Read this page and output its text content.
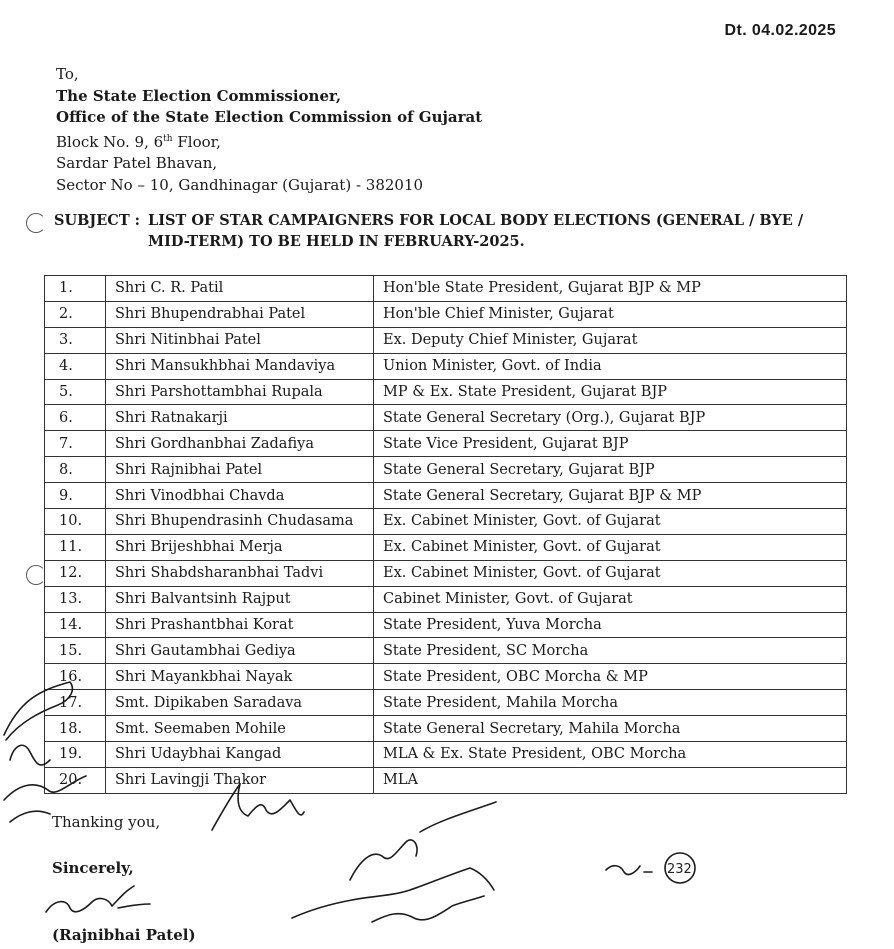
Dt. 04.02.2025
To,
The State Election Commissioner,
Office of the State Election Commission of Gujarat
Block No. 9, 6th Floor,
Sardar Patel Bhavan,
Sector No – 10, Gandhinagar (Gujarat) - 382010
SUBJECT : LIST OF STAR CAMPAIGNERS FOR LOCAL BODY ELECTIONS (GENERAL / BYE / MID-TERM) TO BE HELD IN FEBRUARY-2025.
1.	Shri C. R. Patil	Hon'ble State President, Gujarat BJP & MP
2.	Shri Bhupendrabhai Patel	Hon'ble Chief Minister, Gujarat
3.	Shri Nitinbhai Patel	Ex. Deputy Chief Minister, Gujarat
4.	Shri Mansukhbhai Mandaviya	Union Minister, Govt. of India
5.	Shri Parshottambhai Rupala	MP & Ex. State President, Gujarat BJP
6.	Shri Ratnakarji	State General Secretary (Org.), Gujarat BJP
7.	Shri Gordhanbhai Zadafiya	State Vice President, Gujarat BJP
8.	Shri Rajnibhai Patel	State General Secretary, Gujarat BJP
9.	Shri Vinodbhai Chavda	State General Secretary, Gujarat BJP & MP
10.	Shri Bhupendrasinh Chudasama	Ex. Cabinet Minister, Govt. of Gujarat
11.	Shri Brijeshbhai Merja	Ex. Cabinet Minister, Govt. of Gujarat
12.	Shri Shabdsharanbhai Tadvi	Ex. Cabinet Minister, Govt. of Gujarat
13.	Shri Balvantsinh Rajput	Cabinet Minister, Govt. of Gujarat
14.	Shri Prashantbhai Korat	State President, Yuva Morcha
15.	Shri Gautambhai Gediya	State President, SC Morcha
16.	Shri Mayankbhai Nayak	State President, OBC Morcha & MP
17.	Smt. Dipikaben Saradava	State President, Mahila Morcha
18.	Smt. Seemaben Mohile	State General Secretary, Mahila Morcha
19.	Shri Udaybhai Kangad	MLA & Ex. State President, OBC Morcha
20.	Shri Lavingji Thakor	MLA
Thanking you,
Sincerely,
(Rajnibhai Patel)
232
